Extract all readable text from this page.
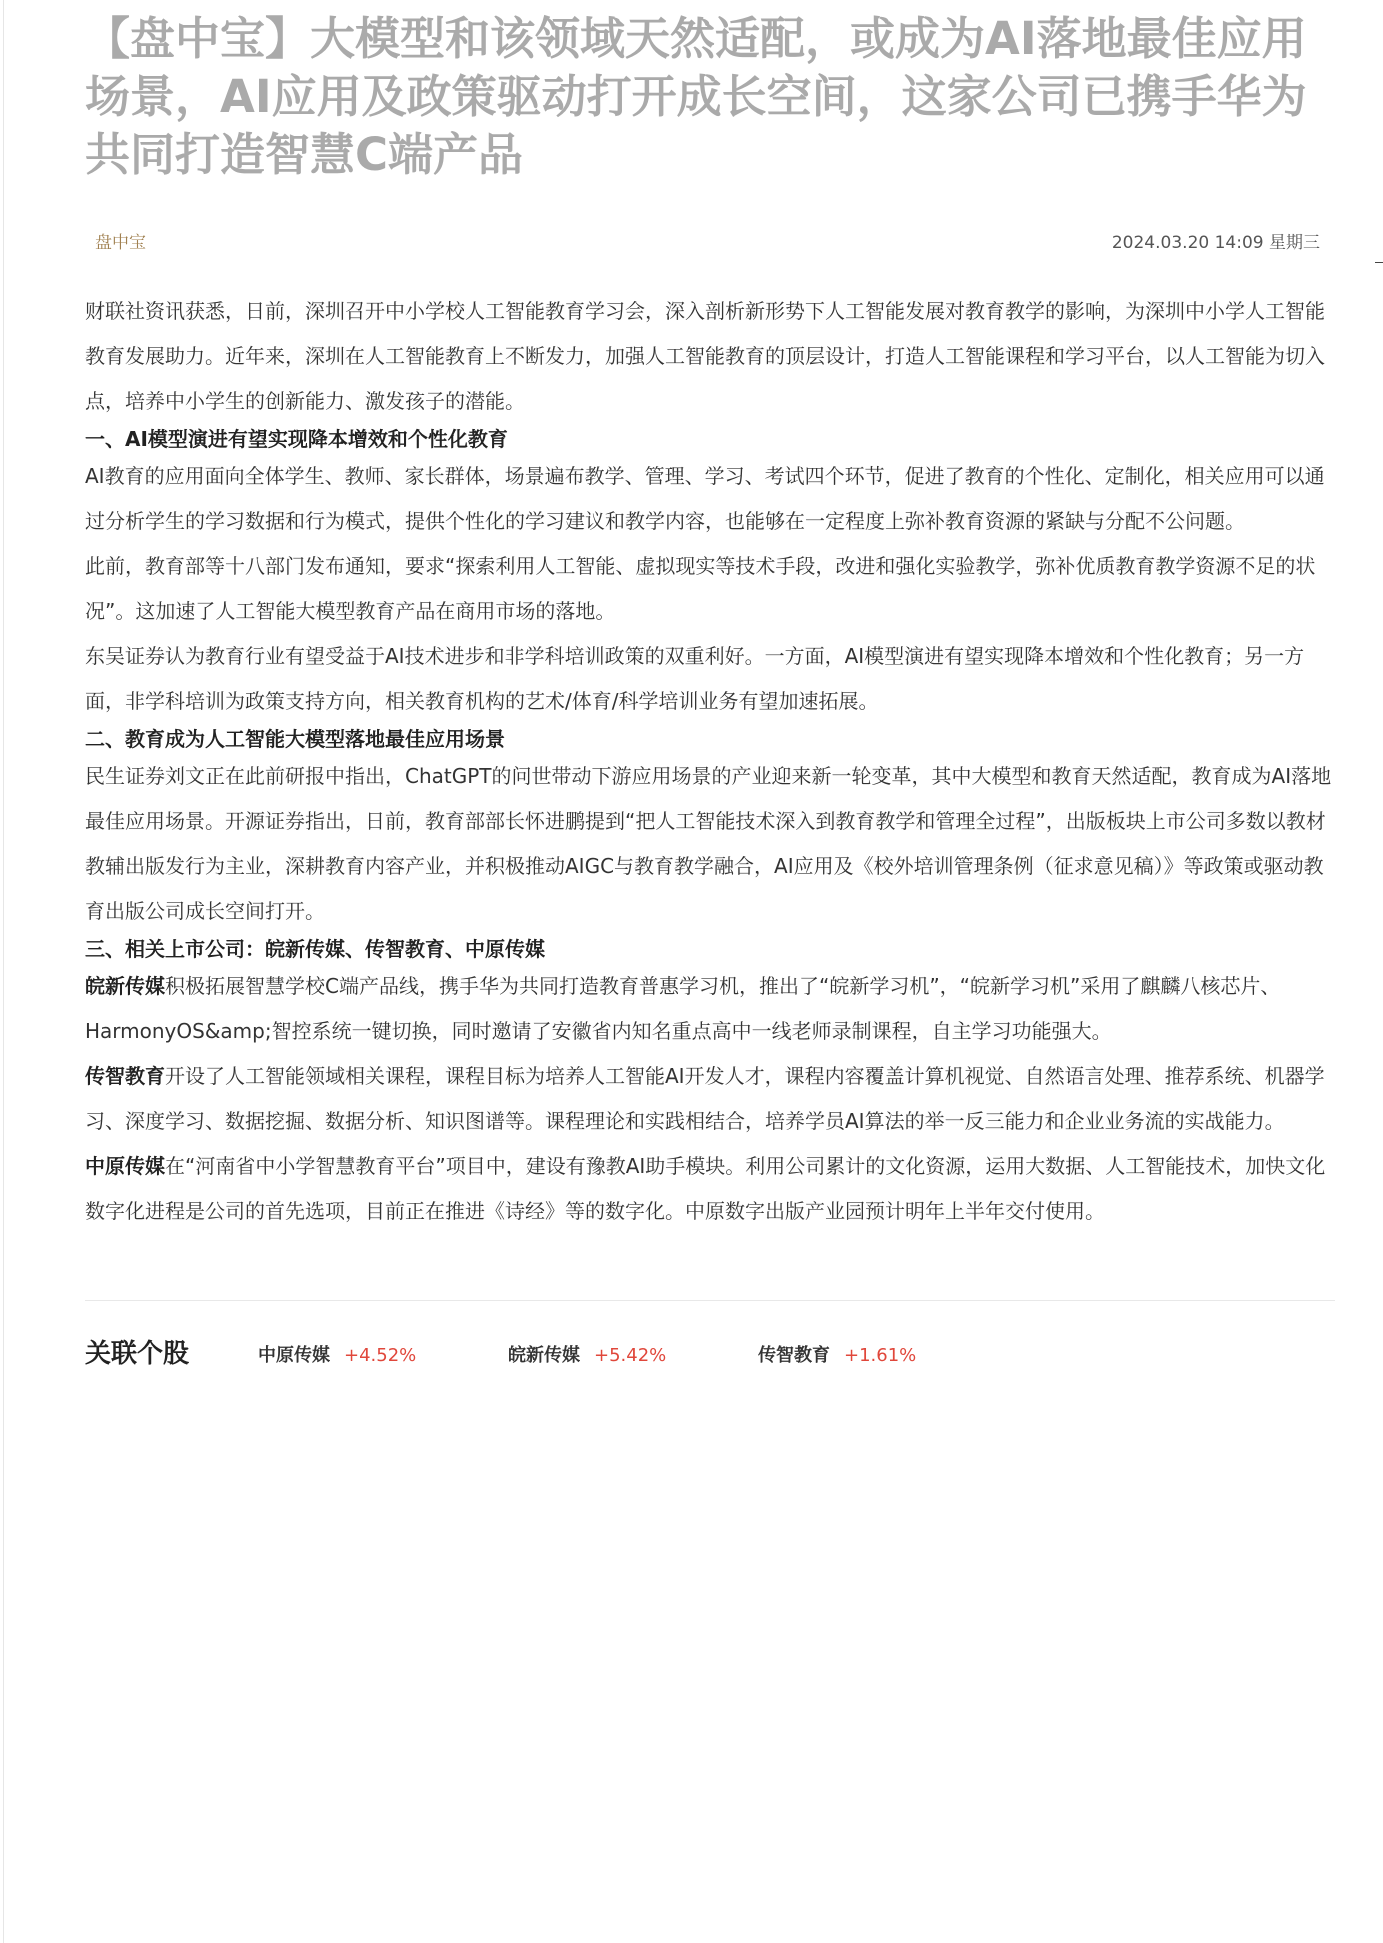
【盘中宝】大模型和该领域天然适配，或成为AI落地最佳应用场景，AI应用及政策驱动打开成长空间，这家公司已携手华为共同打造智慧C端产品
盘中宝	2024.03.20 14:09 星期三

财联社资讯获悉，日前，深圳召开中小学校人工智能教育学习会，深入剖析新形势下人工智能发展对教育教学的影响，为深圳中小学人工智能教育发展助力。近年来，深圳在人工智能教育上不断发力，加强人工智能教育的顶层设计，打造人工智能课程和学习平台，以人工智能为切入点，培养中小学生的创新能力、激发孩子的潜能。

一、AI模型演进有望实现降本增效和个性化教育

AI教育的应用面向全体学生、教师、家长群体，场景遍布教学、管理、学习、考试四个环节，促进了教育的个性化、定制化，相关应用可以通过分析学生的学习数据和行为模式，提供个性化的学习建议和教学内容，也能够在一定程度上弥补教育资源的紧缺与分配不公问题。

此前，教育部等十八部门发布通知，要求“探索利用人工智能、虚拟现实等技术手段，改进和强化实验教学，弥补优质教育教学资源不足的状况”。这加速了人工智能大模型教育产品在商用市场的落地。

东吴证券认为教育行业有望受益于AI技术进步和非学科培训政策的双重利好。一方面，AI模型演进有望实现降本增效和个性化教育；另一方面，非学科培训为政策支持方向，相关教育机构的艺术/体育/科学培训业务有望加速拓展。

二、教育成为人工智能大模型落地最佳应用场景

民生证券刘文正在此前研报中指出，ChatGPT的问世带动下游应用场景的产业迎来新一轮变革，其中大模型和教育天然适配，教育成为AI落地最佳应用场景。开源证券指出，日前，教育部部长怀进鹏提到“把人工智能技术深入到教育教学和管理全过程”，出版板块上市公司多数以教材教辅出版发行为主业，深耕教育内容产业，并积极推动AIGC与教育教学融合，AI应用及《校外培训管理条例（征求意见稿）》等政策或驱动教育出版公司成长空间打开。

三、相关上市公司：皖新传媒、传智教育、中原传媒

皖新传媒积极拓展智慧学校C端产品线，携手华为共同打造教育普惠学习机，推出了“皖新学习机”，“皖新学习机”采用了麒麟八核芯片、HarmonyOS&amp;智控系统一键切换，同时邀请了安徽省内知名重点高中一线老师录制课程，自主学习功能强大。

传智教育开设了人工智能领域相关课程，课程目标为培养人工智能AI开发人才，课程内容覆盖计算机视觉、自然语言处理、推荐系统、机器学习、深度学习、数据挖掘、数据分析、知识图谱等。课程理论和实践相结合，培养学员AI算法的举一反三能力和企业业务流的实战能力。

中原传媒在“河南省中小学智慧教育平台”项目中，建设有豫教AI助手模块。利用公司累计的文化资源，运用大数据、人工智能技术，加快文化数字化进程是公司的首先选项，目前正在推进《诗经》等的数字化。中原数字出版产业园预计明年上半年交付使用。

关联个股	中原传媒 +4.52%	皖新传媒 +5.42%	传智教育 +1.61%
